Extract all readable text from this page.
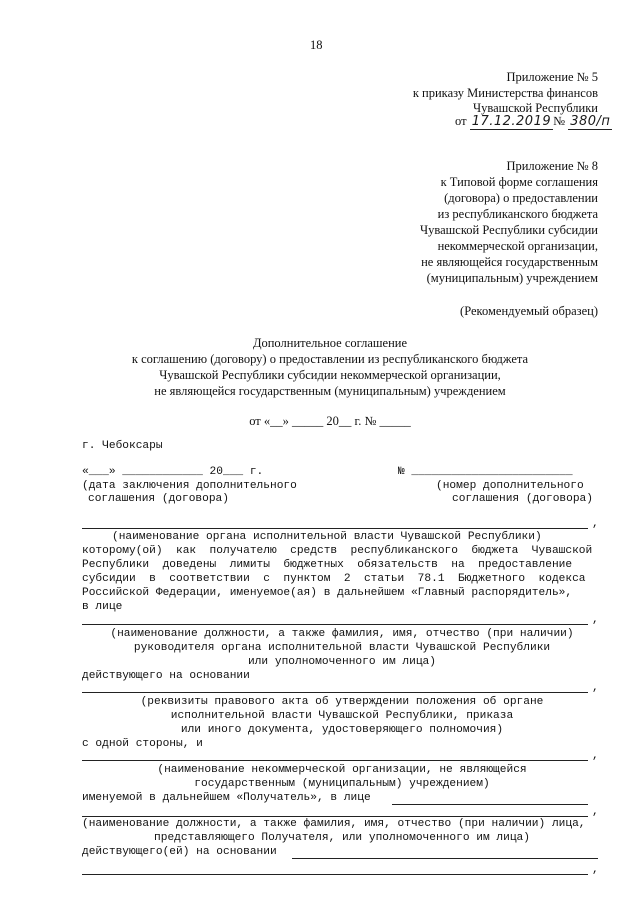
18
Приложение № 5
к приказу Министерства финансов
Чувашской Республики
от 17.12.2019 № 380/п
Приложение № 8
к Типовой форме соглашения
(договора) о предоставлении
из республиканского бюджета
Чувашской Республики субсидии
некоммерческой организации,
не являющейся государственным
(муниципальным) учреждением
(Рекомендуемый образец)
Дополнительное соглашение
к соглашению (договору) о предоставлении из республиканского бюджета
Чувашской Республики субсидии некоммерческой организации,
не являющейся государственным (муниципальным) учреждением
от «__» _____ 20__ г. № _____
г. Чебоксары
«___» ____________ 20___ г.
(дата заключения дополнительного
соглашения (договора)
№ ________________________
(номер дополнительного
соглашения (договора)
,
(наименование органа исполнительной власти Чувашской Республики)
которому(ой)  как  получателю  средств  республиканского  бюджета  Чувашской
Республики  доведены  лимиты  бюджетных  обязательств  на  предоставление
субсидии  в  соответствии  с  пунктом  2  статьи  78.1  Бюджетного  кодекса
Российской Федерации, именуемое(ая) в дальнейшем «Главный распорядитель»,
в лице
,
(наименование должности, а также фамилия, имя, отчество (при наличии)
руководителя органа исполнительной власти Чувашской Республики
или уполномоченного им лица)
действующего на основании
,
(реквизиты правового акта об утверждении положения об органе
исполнительной власти Чувашской Республики, приказа
или иного документа, удостоверяющего полномочия)
с одной стороны, и
,
(наименование некоммерческой организации, не являющейся
государственным (муниципальным) учреждением)
именуемой в дальнейшем «Получатель», в лице
,
(наименование должности, а также фамилия, имя, отчество (при наличии) лица,
представляющего Получателя, или уполномоченного им лица)
действующего(ей) на основании
,
